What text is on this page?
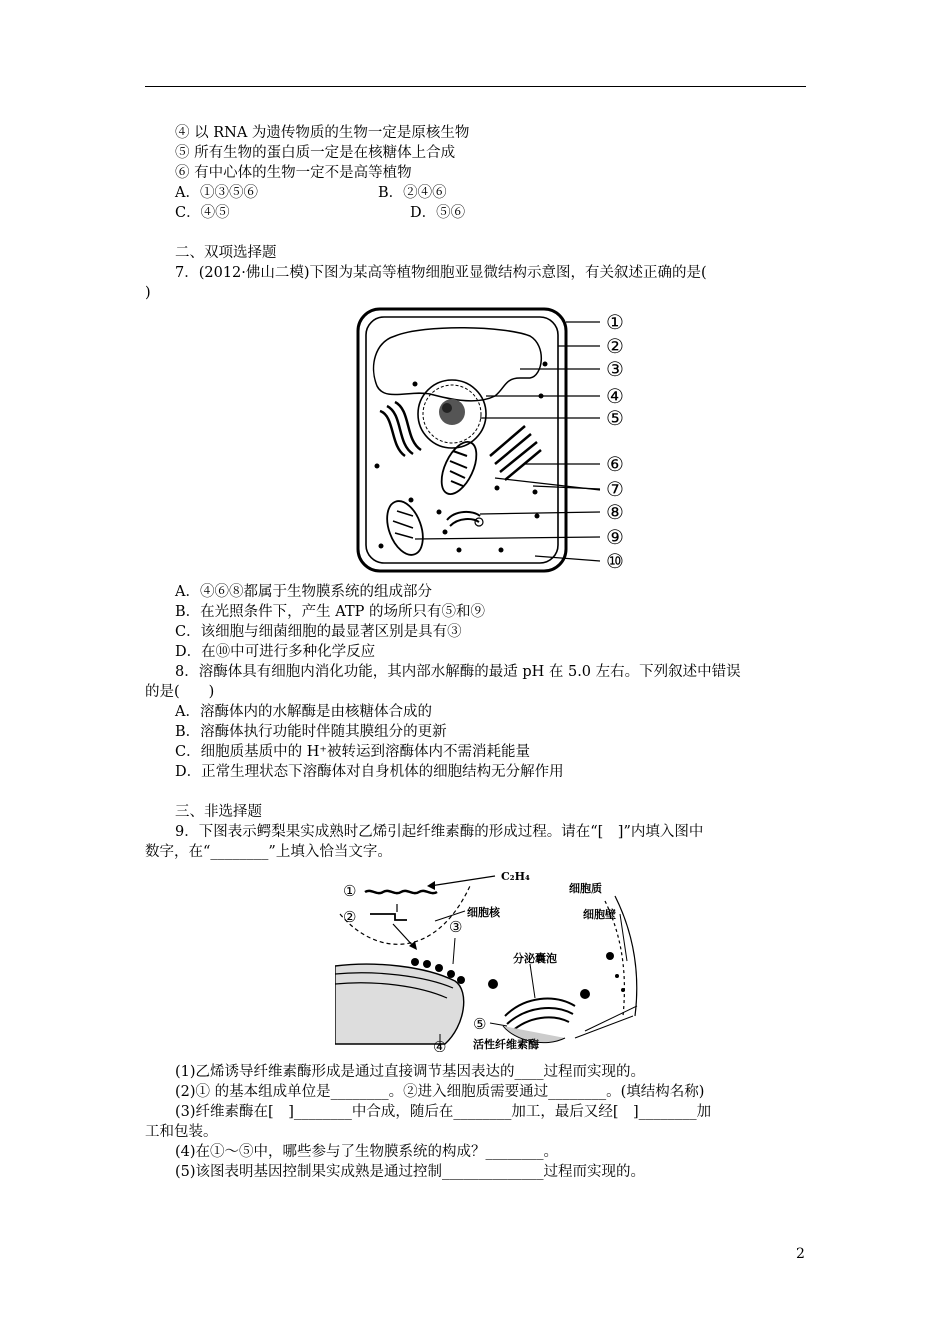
④ 以 RNA 为遗传物质的生物一定是原核生物
⑤ 所有生物的蛋白质一定是在核糖体上合成
⑥ 有中心体的生物一定不是高等植物
A．①③⑤⑥	B．②④⑥
C．④⑤	D．⑤⑥
二、双项选择题
7．(2012·佛山二模)下图为某高等植物细胞亚显微结构示意图，有关叙述正确的是(
)
①
②
③
④
⑤
⑥
⑦
⑧
⑨
⑩
A．④⑥⑧都属于生物膜系统的组成部分
B．在光照条件下，产生 ATP 的场所只有⑤和⑨
C．该细胞与细菌细胞的最显著区别是具有③
D．在⑩中可进行多种化学反应
8．溶酶体具有细胞内消化功能，其内部水解酶的最适 pH 在 5.0 左右。下列叙述中错误
的是(　　)
A．溶酶体内的水解酶是由核糖体合成的
B．溶酶体执行功能时伴随其膜组分的更新
C．细胞质基质中的 H⁺被转运到溶酶体内不需消耗能量
D．正常生理状态下溶酶体对自身机体的细胞结构无分解作用
三、非选择题
9．下图表示鳄梨果实成熟时乙烯引起纤维素酶的形成过程。请在“[　]”内填入图中
数字，在“________”上填入恰当文字。
①
②
③
④
⑤
C₂H₄
细胞质
细胞核	细胞壁
分泌囊泡
活性纤维素酶
(1)乙烯诱导纤维素酶形成是通过直接调节基因表达的____过程而实现的。
(2)① 的基本组成单位是________。②进入细胞质需要通过________。(填结构名称)
(3)纤维素酶在[　]________中合成，随后在________加工，最后又经[　]________加
工和包装。
(4)在①～⑤中，哪些参与了生物膜系统的构成？________。
(5)该图表明基因控制果实成熟是通过控制______________过程而实现的。
2
